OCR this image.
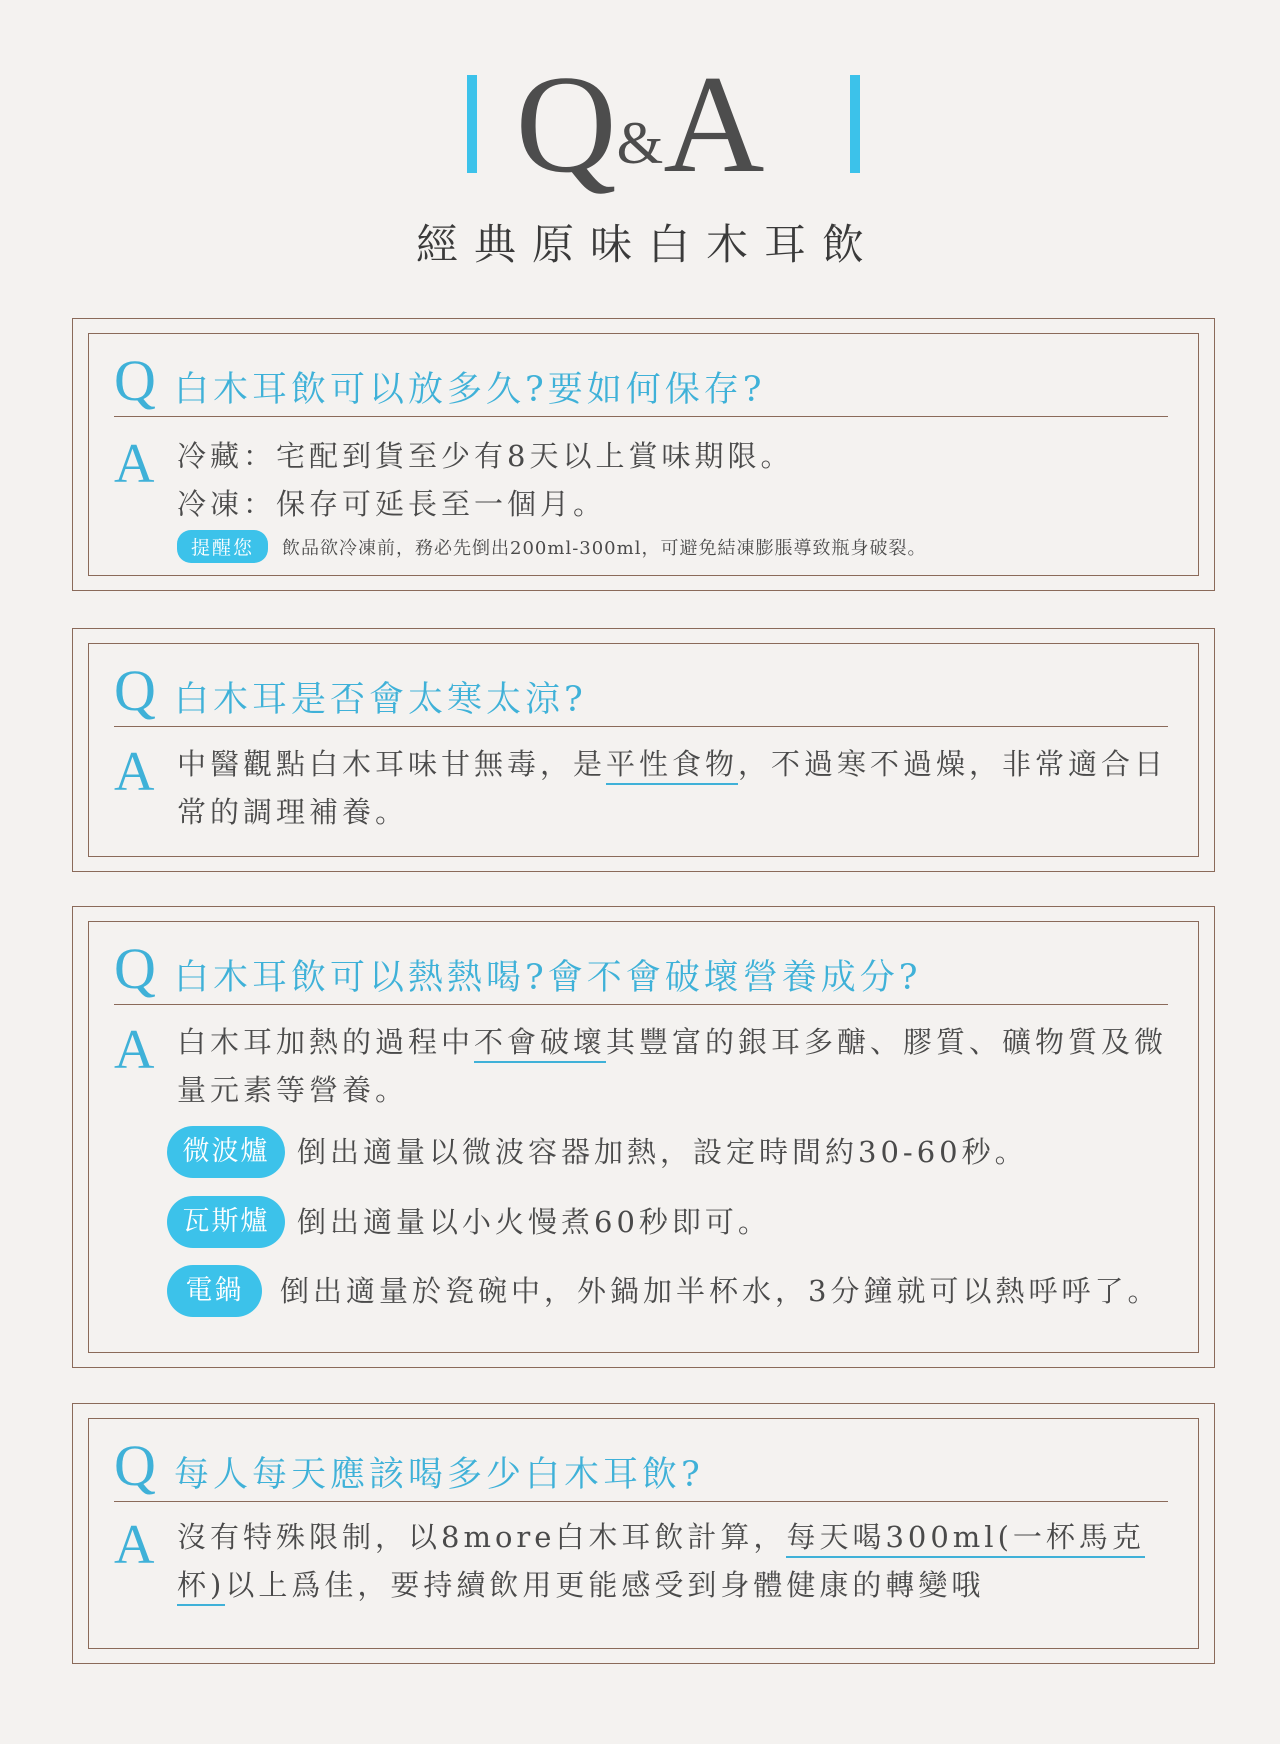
Q&A
經典原味白木耳飲
Q 白木耳飲可以放多久?要如何保存?
A 冷藏：宅配到貨至少有8天以上賞味期限。
冷凍：保存可延長至一個月。
提醒您 飲品欲冷凍前，務必先倒出200ml-300ml，可避免結凍膨脹導致瓶身破裂。
Q 白木耳是否會太寒太涼?
A 中醫觀點白木耳味甘無毒，是平性食物，不過寒不過燥，非常適合日常的調理補養。
Q 白木耳飲可以熱熱喝?會不會破壞營養成分?
A 白木耳加熱的過程中不會破壞其豐富的銀耳多醣、膠質、礦物質及微量元素等營養。
微波爐 倒出適量以微波容器加熱，設定時間約30-60秒。
瓦斯爐 倒出適量以小火慢煮60秒即可。
電鍋 倒出適量於瓷碗中，外鍋加半杯水，3分鐘就可以熱呼呼了。
Q 每人每天應該喝多少白木耳飲?
A 沒有特殊限制，以8more白木耳飲計算，每天喝300ml(一杯馬克杯)以上爲佳，要持續飲用更能感受到身體健康的轉變哦
